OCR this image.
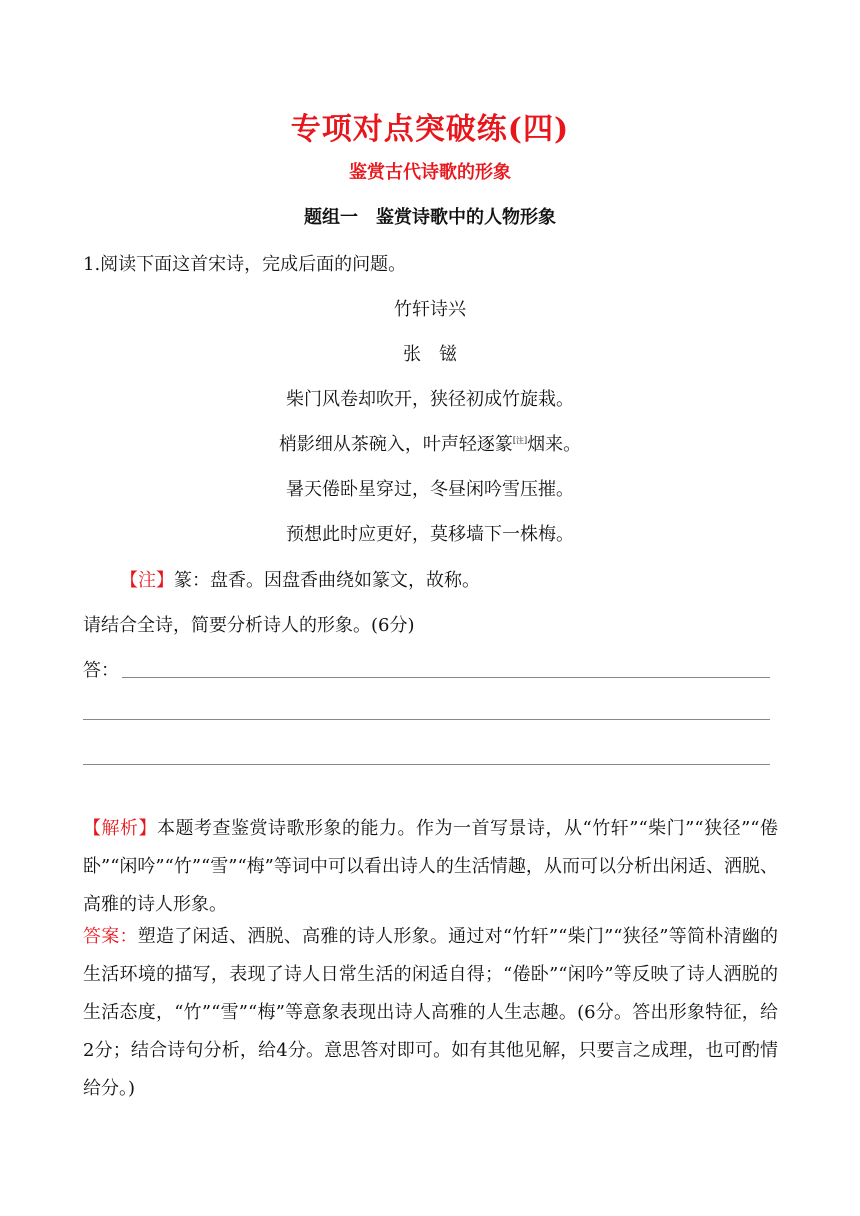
专项对点突破练(四)
鉴赏古代诗歌的形象
题组一　鉴赏诗歌中的人物形象
1.阅读下面这首宋诗，完成后面的问题。
竹轩诗兴
张　镃
柴门风卷却吹开，狭径初成竹旋栽。
梢影细从茶碗入，叶声轻逐篆[注]烟来。
暑天倦卧星穿过，冬昼闲吟雪压摧。
预想此时应更好，莫移墙下一株梅。
【注】篆：盘香。因盘香曲绕如篆文，故称。
请结合全诗，简要分析诗人的形象。(6分)
答：
【解析】本题考查鉴赏诗歌形象的能力。作为一首写景诗，从“竹轩”“柴门”“狭径”“倦卧”“闲吟”“竹”“雪”“梅”等词中可以看出诗人的生活情趣，从而可以分析出闲适、洒脱、高雅的诗人形象。
答案：塑造了闲适、洒脱、高雅的诗人形象。通过对“竹轩”“柴门”“狭径”等简朴清幽的生活环境的描写，表现了诗人日常生活的闲适自得；“倦卧”“闲吟”等反映了诗人洒脱的生活态度，“竹”“雪”“梅”等意象表现出诗人高雅的人生志趣。(6分。答出形象特征，给2分；结合诗句分析，给4分。意思答对即可。如有其他见解，只要言之成理，也可酌情给分。)
